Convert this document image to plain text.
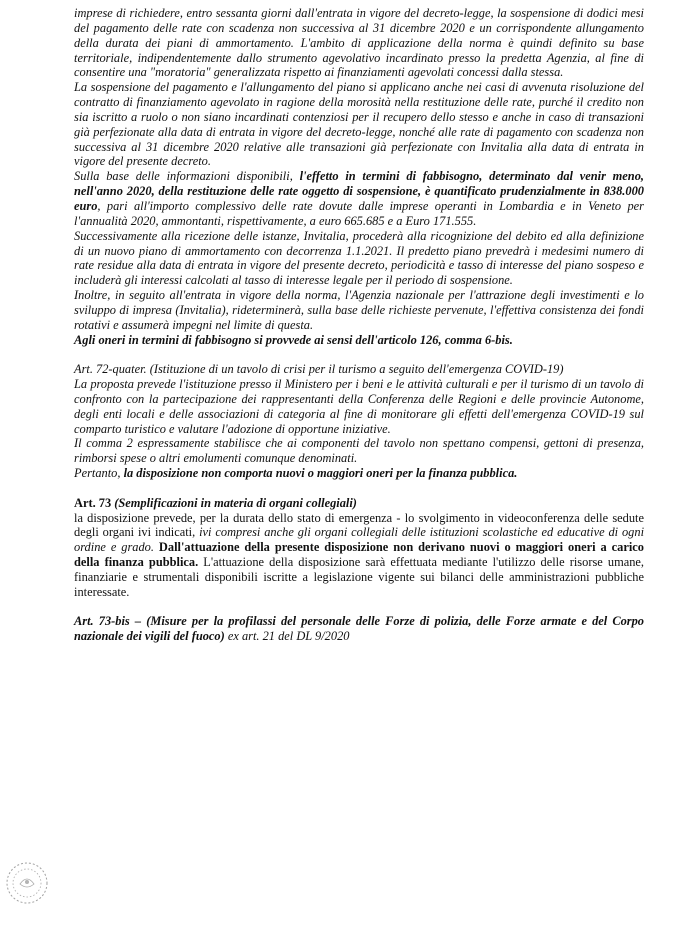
imprese di richiedere, entro sessanta giorni dall'entrata in vigore del decreto-legge, la sospensione di dodici mesi del pagamento delle rate con scadenza non successiva al 31 dicembre 2020 e un corrispondente allungamento della durata dei piani di ammortamento. L'ambito di applicazione della norma è quindi definito su base territoriale, indipendentemente dallo strumento agevolativo incardinato presso la predetta Agenzia, al fine di consentire una "moratoria" generalizzata rispetto ai finanziamenti agevolati concessi dalla stessa.
La sospensione del pagamento e l'allungamento del piano si applicano anche nei casi di avvenuta risoluzione del contratto di finanziamento agevolato in ragione della morosità nella restituzione delle rate, purché il credito non sia iscritto a ruolo o non siano incardinati contenziosi per il recupero dello stesso e anche in caso di transazioni già perfezionate alla data di entrata in vigore del decreto-legge, nonché alle rate di pagamento con scadenza non successiva al 31 dicembre 2020 relative alle transazioni già perfezionate con Invitalia alla data di entrata in vigore del presente decreto.
Sulla base delle informazioni disponibili, l'effetto in termini di fabbisogno, determinato dal venir meno, nell'anno 2020, della restituzione delle rate oggetto di sospensione, è quantificato prudenzialmente in 838.000 euro, pari all'importo complessivo delle rate dovute dalle imprese operanti in Lombardia e in Veneto per l'annualità 2020, ammontanti, rispettivamente, a euro 665.685 e a Euro 171.555.
Successivamente alla ricezione delle istanze, Invitalia, procederà alla ricognizione del debito ed alla definizione di un nuovo piano di ammortamento con decorrenza 1.1.2021. Il predetto piano prevedrà i medesimi numero di rate residue alla data di entrata in vigore del presente decreto, periodicità e tasso di interesse del piano sospeso e includerà gli interessi calcolati al tasso di interesse legale per il periodo di sospensione.
Inoltre, in seguito all'entrata in vigore della norma, l'Agenzia nazionale per l'attrazione degli investimenti e lo sviluppo di impresa (Invitalia), rideterminerà, sulla base delle richieste pervenute, l'effettiva consistenza dei fondi rotativi e assumerà impegni nel limite di questa.
Agli oneri in termini di fabbisogno si provvede ai sensi dell'articolo 126, comma 6-bis.
Art. 72-quater. (Istituzione di un tavolo di crisi per il turismo a seguito dell'emergenza COVID-19)
La proposta prevede l'istituzione presso il Ministero per i beni e le attività culturali e per il turismo di un tavolo di confronto con la partecipazione dei rappresentanti della Conferenza delle Regioni e delle provincie Autonome, degli enti locali e delle associazioni di categoria al fine di monitorare gli effetti dell'emergenza COVID-19 sul comparto turistico e valutare l'adozione di opportune iniziative.
Il comma 2 espressamente stabilisce che ai componenti del tavolo non spettano compensi, gettoni di presenza, rimborsi spese o altri emolumenti comunque denominati.
Pertanto, la disposizione non comporta nuovi o maggiori oneri per la finanza pubblica.
Art. 73 (Semplificazioni in materia di organi collegiali)
la disposizione prevede, per la durata dello stato di emergenza - lo svolgimento in videoconferenza delle sedute degli organi ivi indicati, ivi compresi anche gli organi collegiali delle istituzioni scolastiche ed educative di ogni ordine e grado. Dall'attuazione della presente disposizione non derivano nuovi o maggiori oneri a carico della finanza pubblica. L'attuazione della disposizione sarà effettuata mediante l'utilizzo delle risorse umane, finanziarie e strumentali disponibili iscritte a legislazione vigente sui bilanci delle amministrazioni pubbliche interessate.
Art. 73-bis – (Misure per la profilassi del personale delle Forze di polizia, delle Forze armate e del Corpo nazionale dei vigili del fuoco) ex art. 21 del DL 9/2020
